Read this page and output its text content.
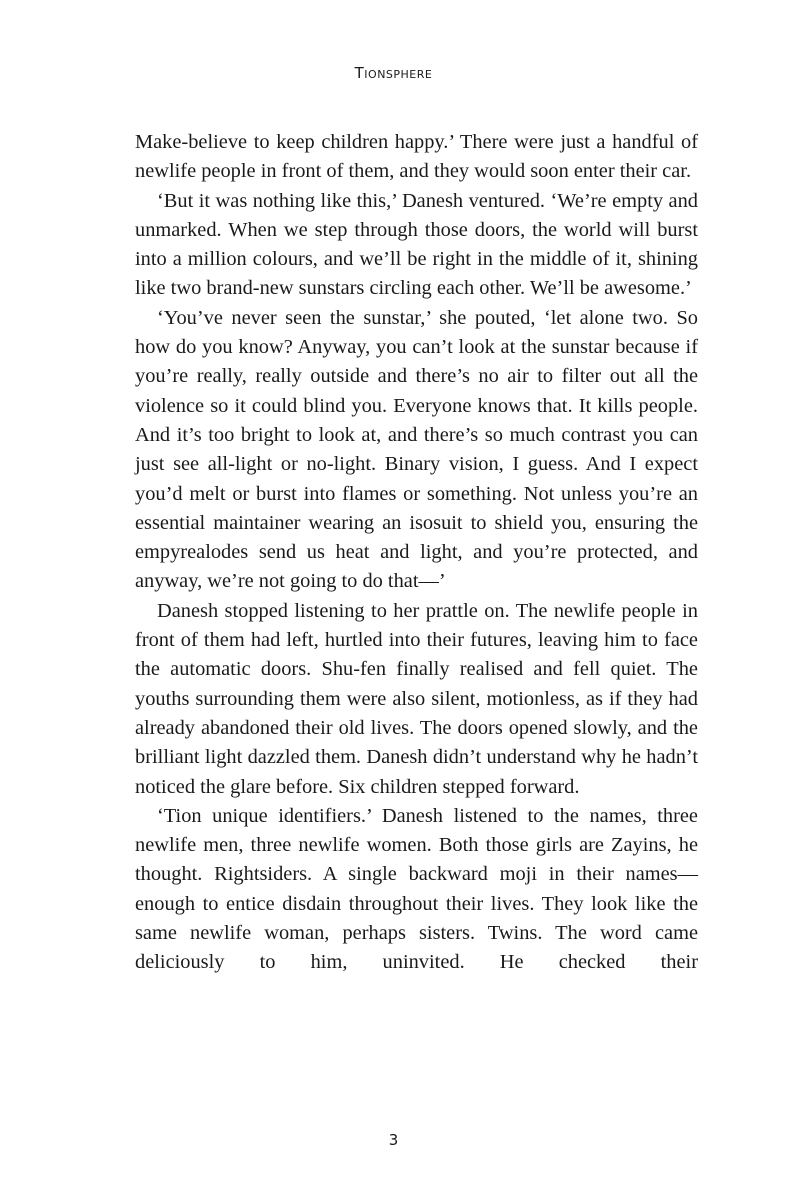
Tionsphere

Make-believe to keep children happy.’ There were just a handful of newlife people in front of them, and they would soon enter their car.

‘But it was nothing like this,’ Danesh ventured. ‘We’re empty and unmarked. When we step through those doors, the world will burst into a million colours, and we’ll be right in the middle of it, shining like two brand-new sunstars circling each other. We’ll be awesome.’

‘You’ve never seen the sunstar,’ she pouted, ‘let alone two. So how do you know? Anyway, you can’t look at the sunstar because if you’re really, really outside and there’s no air to filter out all the violence so it could blind you. Everyone knows that. It kills people. And it’s too bright to look at, and there’s so much contrast you can just see all-light or no-light. Binary vision, I guess. And I expect you’d melt or burst into flames or something. Not unless you’re an essential maintainer wearing an isosuit to shield you, ensuring the empyrealodes send us heat and light, and you’re protected, and anyway, we’re not going to do that—’

Danesh stopped listening to her prattle on. The newlife people in front of them had left, hurtled into their futures, leaving him to face the automatic doors. Shu-fen finally realised and fell quiet. The youths surrounding them were also silent, motionless, as if they had already abandoned their old lives. The doors opened slowly, and the brilliant light dazzled them. Danesh didn’t understand why he hadn’t noticed the glare before. Six children stepped forward.

‘Tion unique identifiers.’ Danesh listened to the names, three newlife men, three newlife women. Both those girls are Zayins, he thought. Rightsiders. A single backward moji in their names—enough to entice disdain throughout their lives. They look like the same newlife woman, perhaps sisters. Twins. The word came deliciously to him, uninvited. He checked their

3
